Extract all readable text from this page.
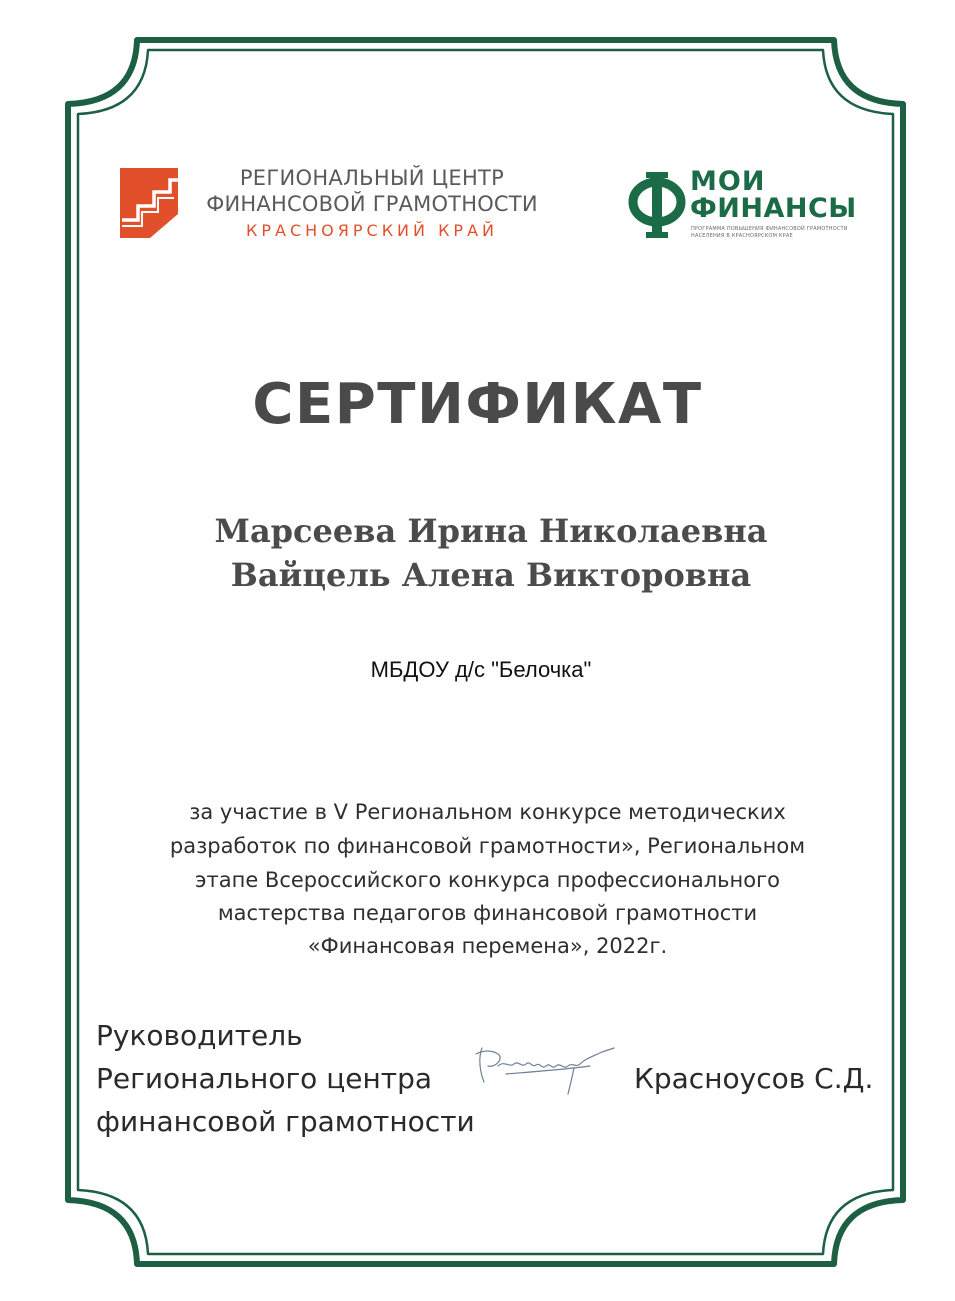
РЕГИОНАЛЬНЫЙ ЦЕНТР
ФИНАНСОВОЙ ГРАМОТНОСТИ
КРАСНОЯРСКИЙ КРАЙ
МОИ
ФИНАНСЫ
ПРОГРАММА ПОВЫШЕНИЯ ФИНАНСОВОЙ ГРАМОТНОСТИ
НАСЕЛЕНИЯ В КРАСНОЯРСКОМ КРАЕ
СЕРТИФИКАТ
Марсеева Ирина Николаевна
Вайцель Алена Викторовна
МБДОУ д/с "Белочка"
за участие в V Региональном конкурсе методических
разработок по финансовой грамотности», Региональном
этапе Всероссийского конкурса профессионального
мастерства педагогов финансовой грамотности
«Финансовая перемена», 2022г.
Руководитель
Регионального центра
финансовой грамотности
Красноусов С.Д.
